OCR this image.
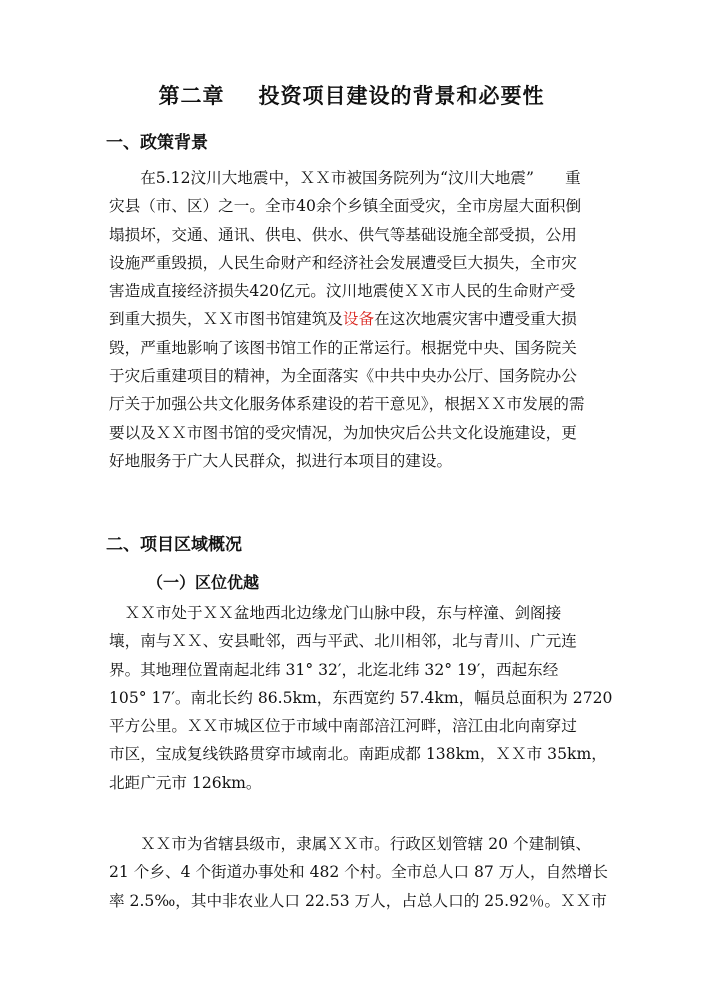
第二章 投资项目建设的背景和必要性
一、政策背景
　　在5.12汶川大地震中，ＸＸ市被国务院列为“汶川大地震”　　重
灾县（市、区）之一。全市40余个乡镇全面受灾，全市房屋大面积倒
塌损坏，交通、通讯、供电、供水、供气等基础设施全部受损，公用
设施严重毁损，人民生命财产和经济社会发展遭受巨大损失，全市灾
害造成直接经济损失420亿元。汶川地震使ＸＸ市人民的生命财产受
到重大损失，ＸＸ市图书馆建筑及设备在这次地震灾害中遭受重大损
毁，严重地影响了该图书馆工作的正常运行。根据党中央、国务院关
于灾后重建项目的精神，为全面落实《中共中央办公厅、国务院办公
厅关于加强公共文化服务体系建设的若干意见》，根据ＸＸ市发展的需
要以及ＸＸ市图书馆的受灾情况，为加快灾后公共文化设施建设，更
好地服务于广大人民群众，拟进行本项目的建设。
二、项目区域概况
（一）区位优越
　ＸＸ市处于ＸＸ盆地西北边缘龙门山脉中段，东与梓潼、剑阁接
壤，南与ＸＸ、安县毗邻，西与平武、北川相邻，北与青川、广元连
界。其地理位置南起北纬 31° 32′，北迄北纬 32° 19′，西起东经
105° 17′。南北长约 86.5km，东西宽约 57.4km，幅员总面积为 2720
平方公里。ＸＸ市城区位于市域中南部涪江河畔，涪江由北向南穿过
市区，宝成复线铁路贯穿市域南北。南距成都 138km，ＸＸ市 35km，
北距广元市 126km。
　　ＸＸ市为省辖县级市，隶属ＸＸ市。行政区划管辖 20 个建制镇、
21 个乡、4 个街道办事处和 482 个村。全市总人口 87 万人，自然增长
率 2.5‰，其中非农业人口 22.53 万人，占总人口的 25.92％。ＸＸ市
